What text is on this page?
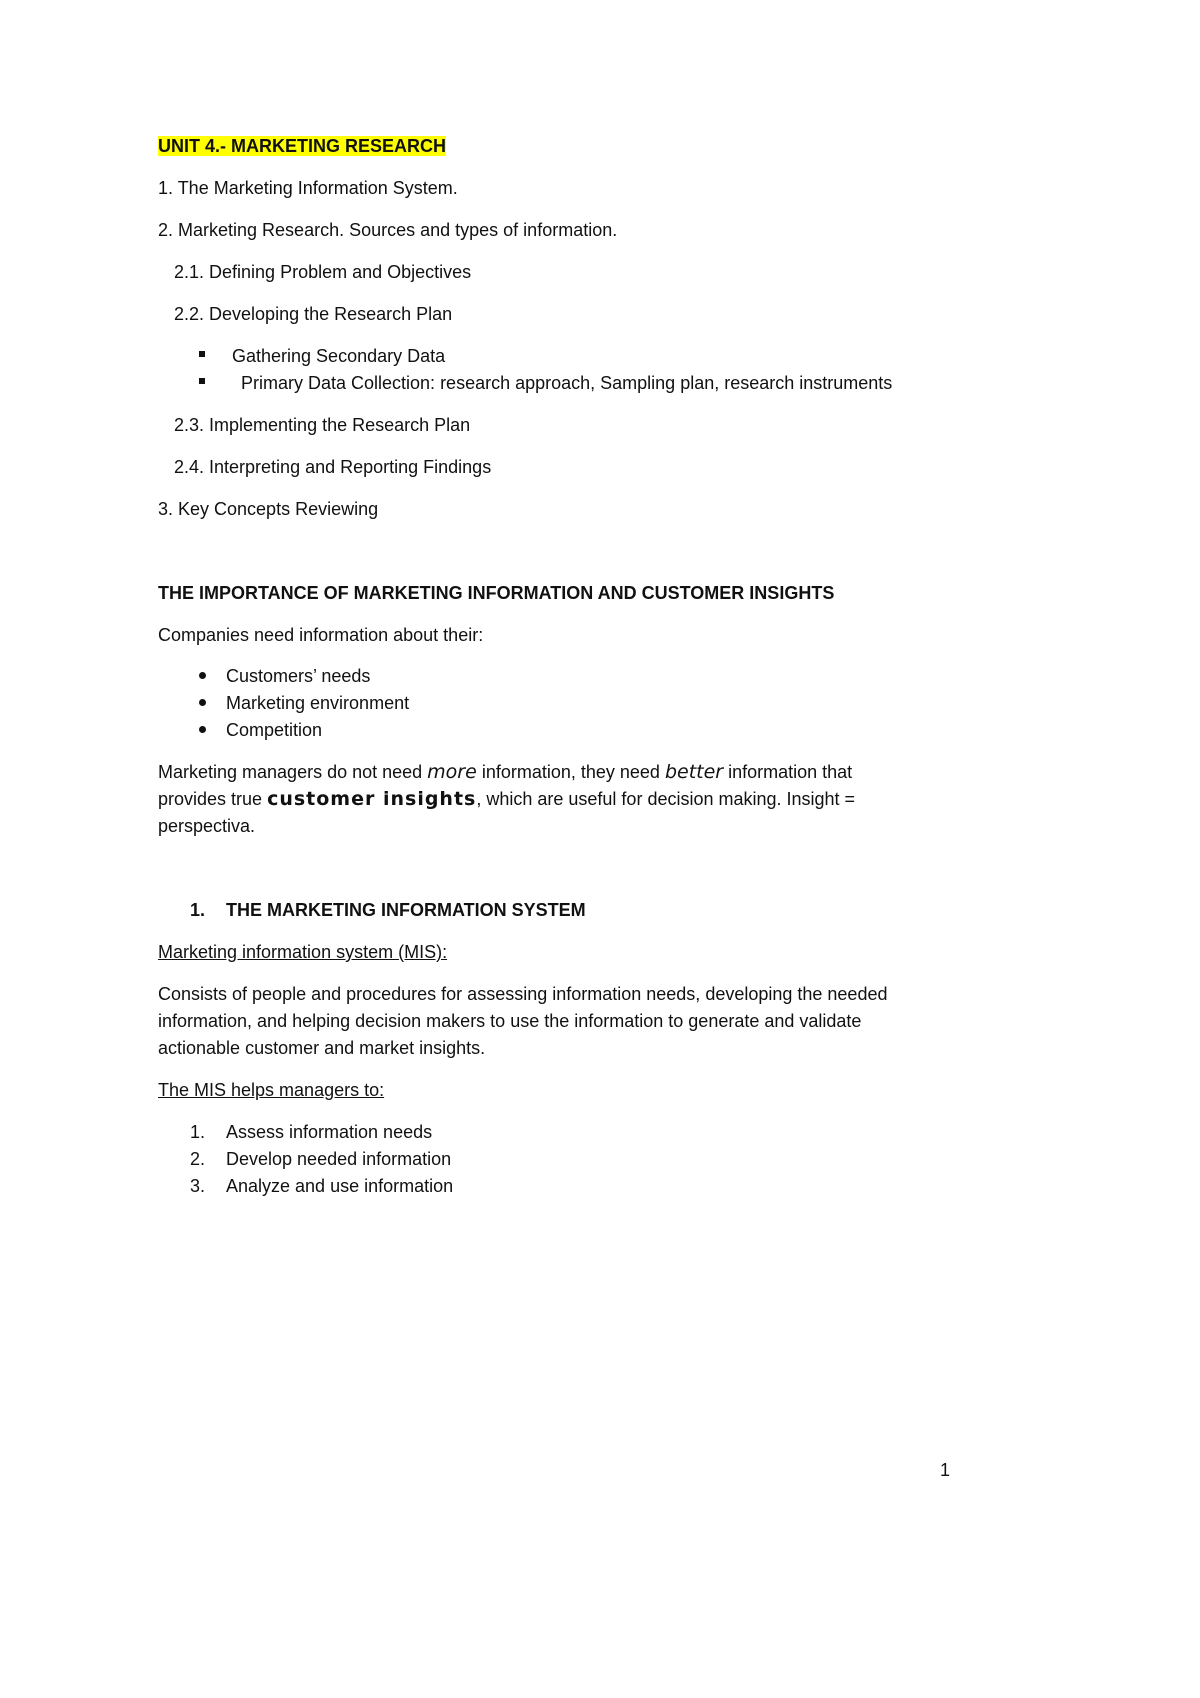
UNIT 4.- MARKETING RESEARCH
1. The Marketing Information System.
2. Marketing Research. Sources and types of information.
2.1. Defining Problem and Objectives
2.2. Developing the Research Plan
Gathering Secondary Data
Primary Data Collection: research approach, Sampling plan, research instruments
2.3. Implementing the Research Plan
2.4. Interpreting and Reporting Findings
3. Key Concepts Reviewing
THE IMPORTANCE OF MARKETING INFORMATION AND CUSTOMER INSIGHTS
Companies need information about their:
Customers’ needs
Marketing environment
Competition
Marketing managers do not need more information, they need better information that
provides true customer insights, which are useful for decision making. Insight =
perspectiva.
1. THE MARKETING INFORMATION SYSTEM
Marketing information system (MIS):
Consists of people and procedures for assessing information needs, developing the needed
information, and helping decision makers to use the information to generate and validate
actionable customer and market insights.
The MIS helps managers to:
1. Assess information needs
2. Develop needed information
3. Analyze and use information
1
